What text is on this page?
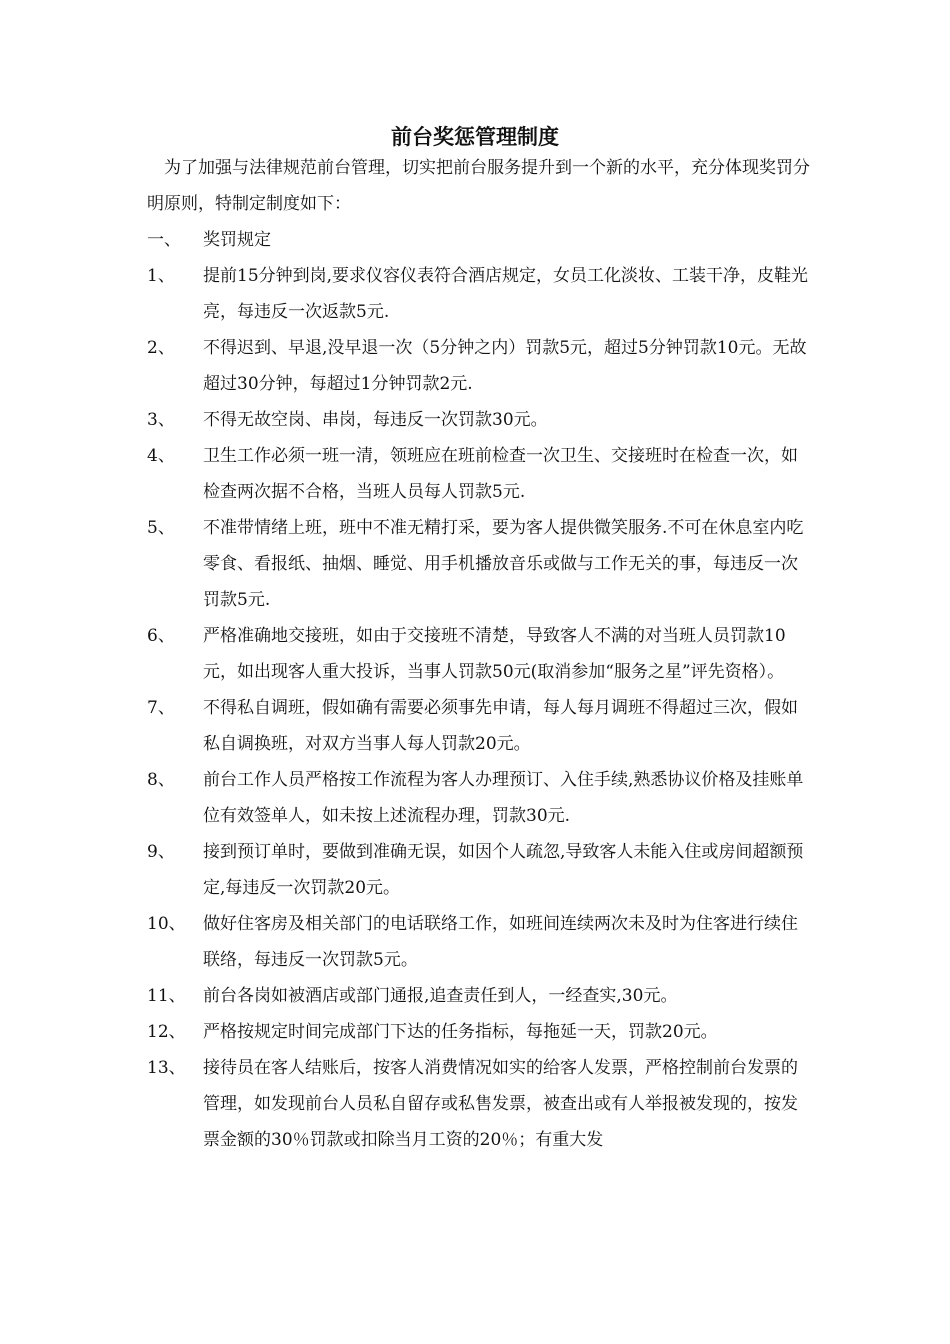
前台奖惩管理制度
为了加强与法律规范前台管理，切实把前台服务提升到一个新的水平，充分体现奖罚分明原则，特制定制度如下：
一、 奖罚规定
1、 提前15分钟到岗,要求仪容仪表符合酒店规定，女员工化淡妆、工装干净，皮鞋光亮，每违反一次返款5元.
2、 不得迟到、早退,没早退一次（5分钟之内）罚款5元，超过5分钟罚款10元。无故超过30分钟，每超过1分钟罚款2元.
3、 不得无故空岗、串岗，每违反一次罚款30元。
4、 卫生工作必须一班一清，领班应在班前检查一次卫生、交接班时在检查一次，如检查两次据不合格，当班人员每人罚款5元.
5、 不准带情绪上班，班中不准无精打采，要为客人提供微笑服务.不可在休息室内吃零食、看报纸、抽烟、睡觉、用手机播放音乐或做与工作无关的事，每违反一次罚款5元.
6、 严格准确地交接班，如由于交接班不清楚，导致客人不满的对当班人员罚款10元，如出现客人重大投诉，当事人罚款50元(取消参加“服务之星”评先资格）。
7、 不得私自调班，假如确有需要必须事先申请，每人每月调班不得超过三次，假如私自调换班，对双方当事人每人罚款20元。
8、 前台工作人员严格按工作流程为客人办理预订、入住手续,熟悉协议价格及挂账单位有效签单人，如未按上述流程办理，罚款30元.
9、 接到预订单时，要做到准确无误，如因个人疏忽,导致客人未能入住或房间超额预定,每违反一次罚款20元。
10、 做好住客房及相关部门的电话联络工作，如班间连续两次未及时为住客进行续住联络，每违反一次罚款5元。
11、 前台各岗如被酒店或部门通报,追查责任到人，一经查实,30元。
12、 严格按规定时间完成部门下达的任务指标，每拖延一天，罚款20元。
13、 接待员在客人结账后，按客人消费情况如实的给客人发票，严格控制前台发票的管理，如发现前台人员私自留存或私售发票，被查出或有人举报被发现的，按发票金额的30％罚款或扣除当月工资的20％；有重大发
